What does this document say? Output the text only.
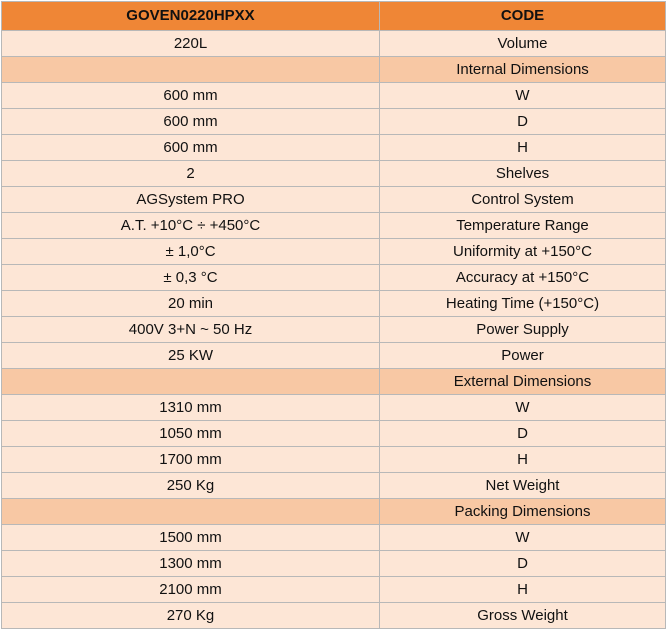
GOVEN0220HPXX	CODE
220L	Volume
	Internal Dimensions
600 mm	W
600 mm	D
600 mm	H
2	Shelves
AGSystem PRO	Control System
A.T. +10°C ÷ +450°C	Temperature Range
± 1,0°C	Uniformity at +150°C
± 0,3 °C	Accuracy at +150°C
20 min	Heating Time (+150°C)
400V 3+N ~ 50 Hz	Power Supply
25 KW	Power
	External Dimensions
1310 mm	W
1050 mm	D
1700 mm	H
250 Kg	Net Weight
	Packing Dimensions
1500 mm	W
1300 mm	D
2100 mm	H
270 Kg	Gross Weight
